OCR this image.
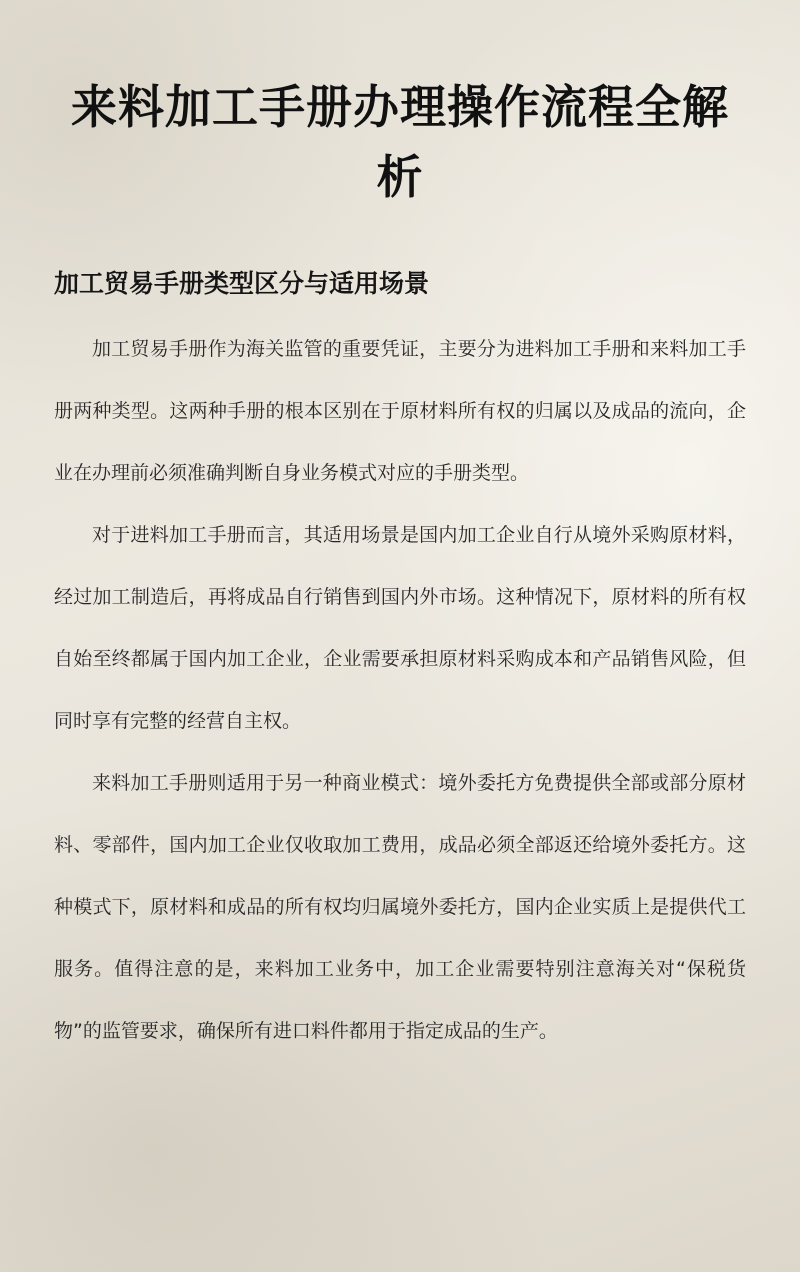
来料加工手册办理操作流程全解析
加工贸易手册类型区分与适用场景

加工贸易手册作为海关监管的重要凭证，主要分为进料加工手册和来料加工手册两种类型。这两种手册的根本区别在于原材料所有权的归属以及成品的流向，企业在办理前必须准确判断自身业务模式对应的手册类型。

对于进料加工手册而言，其适用场景是国内加工企业自行从境外采购原材料，经过加工制造后，再将成品自行销售到国内外市场。这种情况下，原材料的所有权自始至终都属于国内加工企业，企业需要承担原材料采购成本和产品销售风险，但同时享有完整的经营自主权。

来料加工手册则适用于另一种商业模式：境外委托方免费提供全部或部分原材料、零部件，国内加工企业仅收取加工费用，成品必须全部返还给境外委托方。这种模式下，原材料和成品的所有权均归属境外委托方，国内企业实质上是提供代工服务。值得注意的是，来料加工业务中，加工企业需要特别注意海关对“保税货物”的监管要求，确保所有进口料件都用于指定成品的生产。
